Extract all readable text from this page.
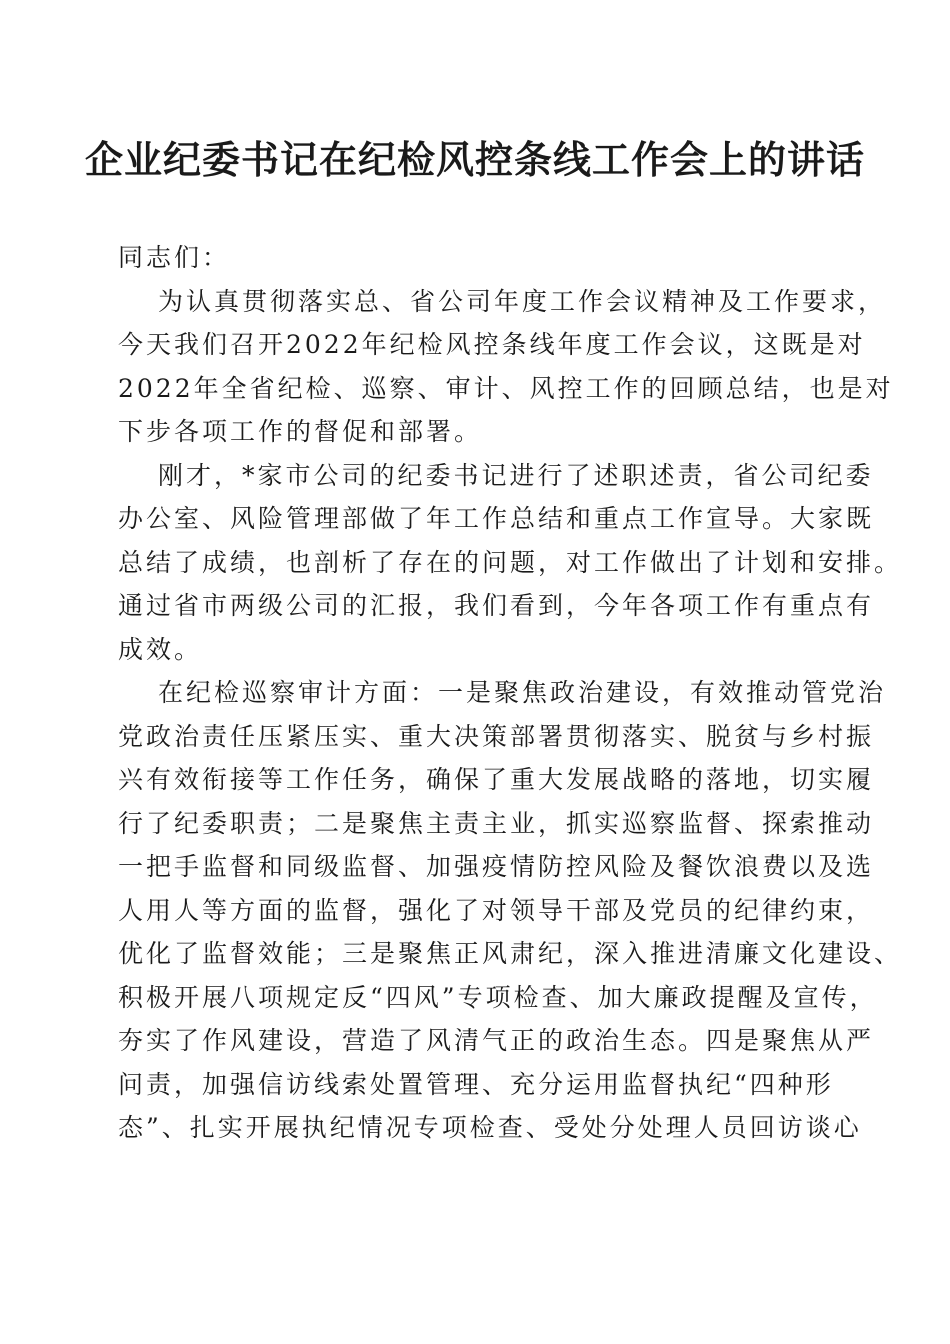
企业纪委书记在纪检风控条线工作会上的讲话
同志们：
为认真贯彻落实总、省公司年度工作会议精神及工作要求，
今天我们召开2022年纪检风控条线年度工作会议，这既是对
2022年全省纪检、巡察、审计、风控工作的回顾总结，也是对
下步各项工作的督促和部署。
刚才，*家市公司的纪委书记进行了述职述责，省公司纪委
办公室、风险管理部做了年工作总结和重点工作宣导。大家既
总结了成绩，也剖析了存在的问题，对工作做出了计划和安排。
通过省市两级公司的汇报，我们看到，今年各项工作有重点有
成效。
在纪检巡察审计方面：一是聚焦政治建设，有效推动管党治
党政治责任压紧压实、重大决策部署贯彻落实、脱贫与乡村振
兴有效衔接等工作任务，确保了重大发展战略的落地，切实履
行了纪委职责；二是聚焦主责主业，抓实巡察监督、探索推动
一把手监督和同级监督、加强疫情防控风险及餐饮浪费以及选
人用人等方面的监督，强化了对领导干部及党员的纪律约束，
优化了监督效能；三是聚焦正风肃纪，深入推进清廉文化建设、
积极开展八项规定反“四风”专项检查、加大廉政提醒及宣传，
夯实了作风建设，营造了风清气正的政治生态。四是聚焦从严
问责，加强信访线索处置管理、充分运用监督执纪“四种形
态”、扎实开展执纪情况专项检查、受处分处理人员回访谈心
